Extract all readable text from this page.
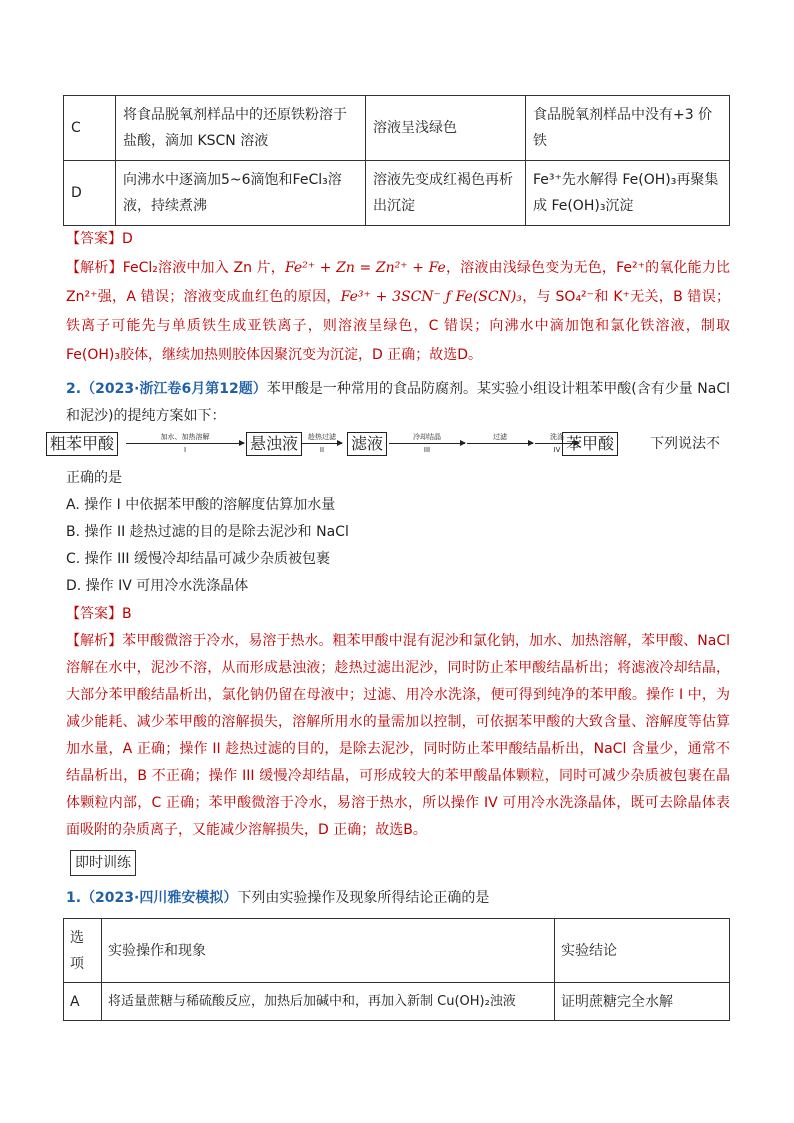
C	将食品脱氧剂样品中的还原铁粉溶于盐酸，滴加 KSCN 溶液	溶液呈浅绿色	食品脱氧剂样品中没有+3 价铁
D	向沸水中逐滴加5~6滴饱和FeCl₃溶液，持续煮沸	溶液先变成红褐色再析出沉淀	Fe³⁺先水解得 Fe(OH)₃再聚集成 Fe(OH)₃沉淀
【答案】D
【解析】FeCl₂溶液中加入 Zn 片，Fe²⁺ + Zn = Zn²⁺ + Fe，溶液由浅绿色变为无色，Fe²⁺的氧化能力比 Zn²⁺强，A 错误；溶液变成血红色的原因，Fe³⁺ + 3SCN⁻ ƒ Fe(SCN)₃，与 SO₄²⁻和 K⁺无关，B 错误；铁离子可能先与单质铁生成亚铁离子，则溶液呈绿色，C 错误；向沸水中滴加饱和氯化铁溶液，制取 Fe(OH)₃胶体，继续加热则胶体因聚沉变为沉淀，D 正确；故选D。
2.（2023·浙江卷6月第12题）苯甲酸是一种常用的食品防腐剂。某实验小组设计粗苯甲酸(含有少量 NaCl 和泥沙)的提纯方案如下：
粗苯甲酸	加水、加热溶解
I	悬浊液	趁热过滤
II	滤液	冷却结晶
III
过滤	洗涤
IV 苯甲酸	下列说法不
正确的是
A. 操作 I 中依据苯甲酸的溶解度估算加水量
B. 操作 II 趁热过滤的目的是除去泥沙和 NaCl
C. 操作 III 缓慢冷却结晶可减少杂质被包裹
D. 操作 IV 可用冷水洗涤晶体
【答案】B
【解析】苯甲酸微溶于冷水，易溶于热水。粗苯甲酸中混有泥沙和氯化钠，加水、加热溶解，苯甲酸、NaCl 溶解在水中，泥沙不溶，从而形成悬浊液；趁热过滤出泥沙，同时防止苯甲酸结晶析出；将滤液冷却结晶，大部分苯甲酸结晶析出，氯化钠仍留在母液中；过滤、用冷水洗涤，便可得到纯净的苯甲酸。操作 I 中，为减少能耗、减少苯甲酸的溶解损失，溶解所用水的量需加以控制，可依据苯甲酸的大致含量、溶解度等估算加水量，A 正确；操作 II 趁热过滤的目的，是除去泥沙，同时防止苯甲酸结晶析出，NaCl 含量少，通常不结晶析出，B 不正确；操作 III 缓慢冷却结晶，可形成较大的苯甲酸晶体颗粒，同时可减少杂质被包裹在晶体颗粒内部，C 正确；苯甲酸微溶于冷水，易溶于热水，所以操作 IV 可用冷水洗涤晶体，既可去除晶体表面吸附的杂质离子，又能减少溶解损失，D 正确；故选B。
即时训练
1.（2023·四川雅安模拟）下列由实验操作及现象所得结论正确的是
选项	实验操作和现象	实验结论
A	将适量蔗糖与稀硫酸反应，加热后加碱中和，再加入新制 Cu(OH)₂浊液	证明蔗糖完全水解
